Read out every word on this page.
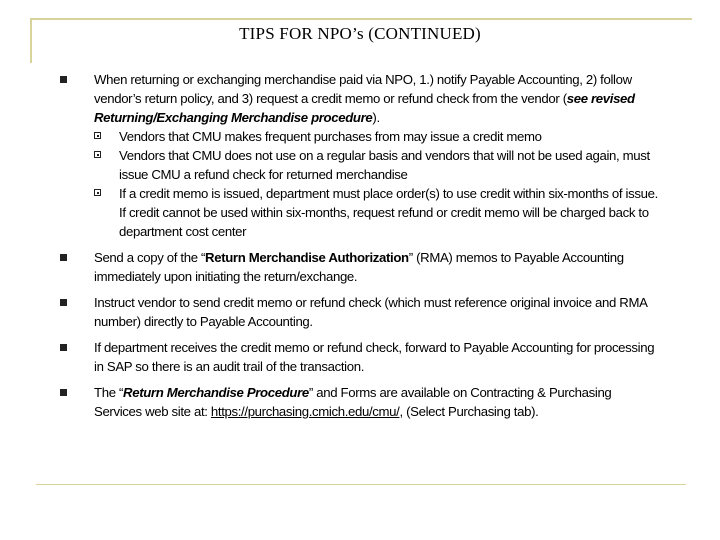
TIPS FOR NPO’s (CONTINUED)
When returning or exchanging merchandise paid via NPO, 1.) notify Payable Accounting, 2) follow vendor’s return policy, and 3) request a credit memo or refund check from the vendor (see revised Returning/Exchanging Merchandise procedure).
Vendors that CMU makes frequent purchases from may issue a credit memo
Vendors that CMU does not use on a regular basis and vendors that will not be used again, must issue CMU a refund check for returned merchandise
If a credit memo is issued, department must place order(s) to use credit within six-months of issue. If credit cannot be used within six-months, request refund or credit memo will be charged back to department cost center
Send a copy of the “Return Merchandise Authorization” (RMA) memos to Payable Accounting immediately upon initiating the return/exchange.
Instruct vendor to send credit memo or refund check (which must reference original invoice and RMA number) directly to Payable Accounting.
If department receives the credit memo or refund check, forward to Payable Accounting for processing in SAP so there is an audit trail of the transaction.
The “Return Merchandise Procedure” and Forms are available on Contracting & Purchasing Services web site at: https://purchasing.cmich.edu/cmu/, (Select Purchasing tab).
